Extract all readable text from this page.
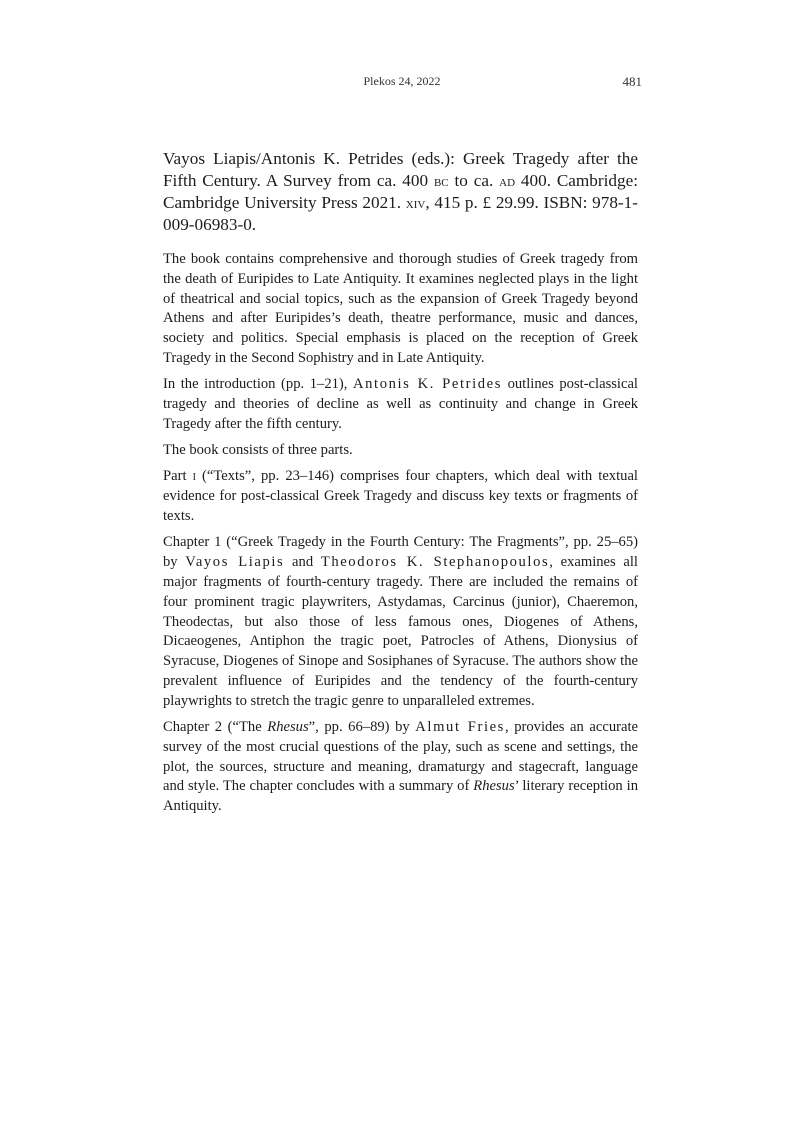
Plekos 24, 2022	481
Vayos Liapis/Antonis K. Petrides (eds.): Greek Tragedy after the Fifth Century. A Survey from ca. 400 bc to ca. ad 400. Cambridge: Cambridge University Press 2021. xiv, 415 p. £ 29.99. ISBN: 978-1-009-06983-0.

The book contains comprehensive and thorough studies of Greek tragedy from the death of Euripides to Late Antiquity. It examines neglected plays in the light of theatrical and social topics, such as the expansion of Greek Tragedy beyond Athens and after Euripides’s death, theatre performance, music and dances, society and politics. Special emphasis is placed on the reception of Greek Tragedy in the Second Sophistry and in Late Antiquity.

In the introduction (pp. 1–21), Antonis K. Petrides outlines post-classical tragedy and theories of decline as well as continuity and change in Greek Tragedy after the fifth century.

The book consists of three parts.

Part i (“Texts”, pp. 23–146) comprises four chapters, which deal with textual evidence for post-classical Greek Tragedy and discuss key texts or fragments of texts.

Chapter 1 (“Greek Tragedy in the Fourth Century: The Fragments”, pp. 25–65) by Vayos Liapis and Theodoros K. Stephanopoulos, examines all major fragments of fourth-century tragedy. There are included the remains of four prominent tragic playwriters, Astydamas, Carcinus (junior), Chaeremon, Theodectas, but also those of less famous ones, Diogenes of Athens, Dicaeogenes, Antiphon the tragic poet, Patrocles of Athens, Dionysius of Syracuse, Diogenes of Sinope and Sosiphanes of Syracuse. The authors show the prevalent influence of Euripides and the tendency of the fourth-century playwrights to stretch the tragic genre to unparalleled extremes.

Chapter 2 (“The Rhesus”, pp. 66–89) by Almut Fries, provides an accurate survey of the most crucial questions of the play, such as scene and settings, the plot, the sources, structure and meaning, dramaturgy and stagecraft, language and style. The chapter concludes with a summary of Rhesus’ literary reception in Antiquity.
